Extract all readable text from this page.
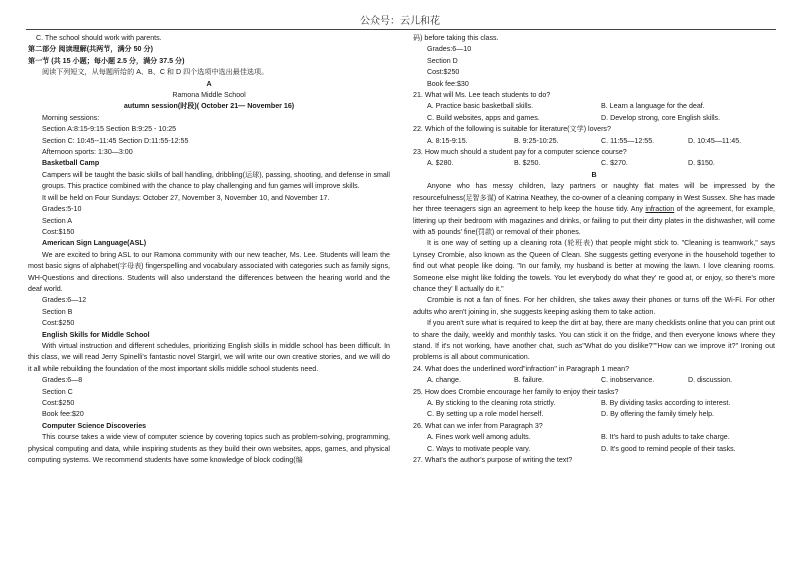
公众号：云儿和花
C. The school should work with parents.
第二部分 阅读理解(共两节，满分 50 分)
第一节 (共 15 小题；每小题 2.5 分，满分 37.5 分)
阅读下列短文，从每题所给的 A、B、C 和 D 四个选项中选出最佳选项。
A
Ramona Middle School
autumn session(时段)( October 21— November 16)
Morning sessions:
Section A:8:15-9:15 Section B:9:25 - 10:25
Section C: 10:45--11:45 Section D:11:55-12:55
Afternoon sports: 1:30—3:00
Basketball Camp
Campers will be taught the basic skills of ball handling, dribbling(运球), passing, shooting, and defense in small groups. This practice combined with the chance to play challenging and fun games will improve skills.
It will be held on Four Sundays: October 27, November 3, November 10, and November 17.
Grades:5-10
Section A
Cost:$150
American Sign Language(ASL)
We are excited to bring ASL to our Ramona community with our new teacher, Ms. Lee. Students will learn the most basic signs of alphabet(字母表) fingerspelling and vocabulary associated with categories such as family signs, WH-Questions and directions. Students will also understand the differences between the hearing world and the deaf world.
Grades:6—12
Section B
Cost:$250
English Skills for Middle School
With virtual instruction and different schedules, prioritizing English skills in middle school has been difficult. In this class, we will read Jerry Spinelli's fantastic novel Stargirl, we will write our own creative stories, and we will do it all while rebuilding the foundation of the most important skills middle school students need.
Grades:6—8
Section C
Cost:$250
Book fee:$20
Computer Science Discoveries
This course takes a wide view of computer science by covering topics such as problem-solving, programming, physical computing and data, while inspiring students as they build their own websites, apps, games, and physical computing systems. We recommend students have some knowledge of block coding(编
码) before taking this class.
Grades:6—10
Section D
Cost:$250
Book fee:$30
21. What will Ms. Lee teach students to do?
A. Practice basic basketball skills.	B. Learn a language for the deaf.
C. Build websites, apps and games.	D. Develop strong, core English skills.
22. Which of the following is suitable for literature(文学) lovers?
A. 8:15-9:15.	B. 9:25-10:25.	C. 11:55—12:55.	D. 10:45—11:45.
23. How much should a student pay for a computer science course?
A. $280.	B. $250.	C. $270.	D. $150.
B
Anyone who has messy children, lazy partners or naughty flat mates will be impressed by the resourcefulness(足智多谋) of Katrina Neathey, the co-owner of a cleaning company in West Sussex. She has made her three teenagers sign an agreement to help keep the house tidy. Any infraction of the agreement, for example, littering up their bedroom with magazines and drinks, or failing to put their dirty plates in the dishwasher, will come with a5 pounds' fine(罚款) or removal of their phones.
It is one way of setting up a cleaning rota (轮班表) that people might stick to. "Cleaning is teamwork," says Lynsey Crombie, also known as the Queen of Clean. She suggests getting everyone in the household together to find out what people like doing. "In our family, my husband is better at mowing the lawn. I love cleaning rooms. Someone else might like folding the towels. You let everybody do what they' re good at, or enjoy, so there's more chance they' ll actually do it."
Crombie is not a fan of fines. For her children, she takes away their phones or turns off the Wi-Fi. For other adults who aren't joining in, she suggests keeping asking them to take action.
If you aren't sure what is required to keep the dirt at bay, there are many checklists online that you can print out to share the daily, weekly and monthly tasks. You can stick it on the fridge, and then everyone knows where they stand. If it's not working, have another chat, such as"What do you dislike?""How can we improve it?" Ironing out problems is all about communication.
24. What does the underlined word"infraction" in Paragraph 1 mean?
A. change.	B. failure.	C. inobservance.	D. discussion.
25. How does Crombie encourage her family to enjoy their tasks?
A. By sticking to the cleaning rota strictly.	B. By dividing tasks according to interest.
C. By setting up a role model herself.	D. By offering the family timely help.
26. What can we infer from Paragraph 3?
A. Fines work well among adults.	B. It's hard to push adults to take charge.
C. Ways to motivate people vary.	D. It's good to remind people of their tasks.
27. What's the author's purpose of writing the text?
